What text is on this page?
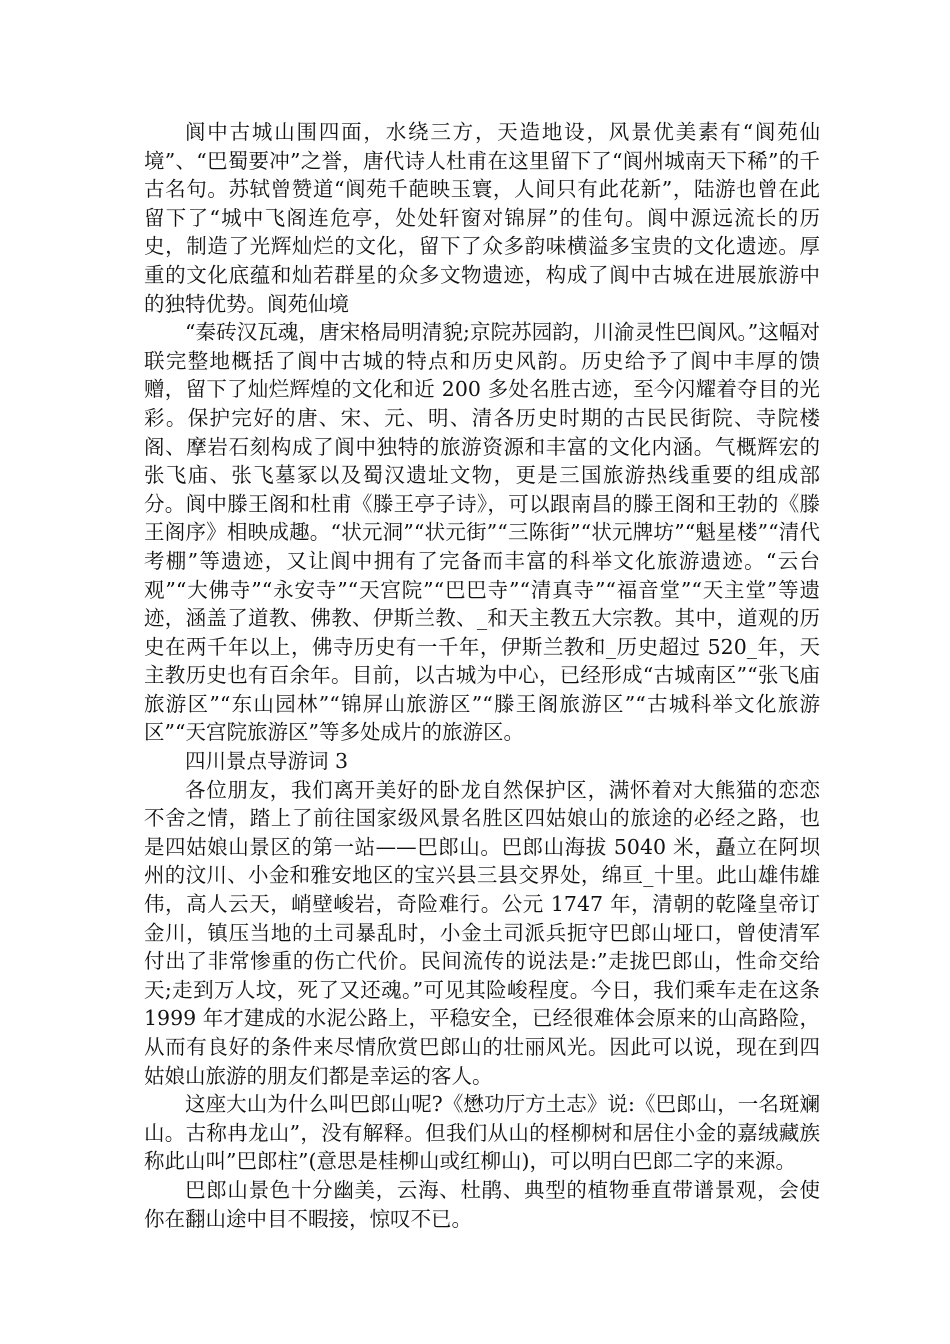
阆中古城山围四面，水绕三方，天造地设，风景优美素有“阆苑仙境”、“巴蜀要冲”之誉，唐代诗人杜甫在这里留下了“阆州城南天下稀”的千古名句。苏轼曾赞道“阆苑千葩映玉寰，人间只有此花新”，陆游也曾在此留下了“城中飞阁连危亭，处处轩窗对锦屏”的佳句。阆中源远流长的历史，制造了光辉灿烂的文化，留下了众多韵味横溢多宝贵的文化遗迹。厚重的文化底蕴和灿若群星的众多文物遗迹，构成了阆中古城在进展旅游中的独特优势。阆苑仙境

“秦砖汉瓦魂，唐宋格局明清貌;京院苏园韵，川渝灵性巴阆风。”这幅对联完整地概括了阆中古城的特点和历史风韵。历史给予了阆中丰厚的馈赠，留下了灿烂辉煌的文化和近 200 多处名胜古迹，至今闪耀着夺目的光彩。保护完好的唐、宋、元、明、清各历史时期的古民民街院、寺院楼阁、摩岩石刻构成了阆中独特的旅游资源和丰富的文化内涵。气概辉宏的张飞庙、张飞墓冢以及蜀汉遗址文物，更是三国旅游热线重要的组成部分。阆中滕王阁和杜甫《滕王亭子诗》，可以跟南昌的滕王阁和王勃的《滕王阁序》相映成趣。“状元洞”“状元街”“三陈街”“状元牌坊”“魁星楼”“清代考棚”等遗迹，又让阆中拥有了完备而丰富的科举文化旅游遗迹。“云台观”“大佛寺”“永安寺”“天宫院”“巴巴寺”“清真寺”“福音堂”“天主堂”等遗迹，涵盖了道教、佛教、伊斯兰教、_和天主教五大宗教。其中，道观的历史在两千年以上，佛寺历史有一千年，伊斯兰教和_历史超过 520_年，天主教历史也有百余年。目前，以古城为中心，已经形成“古城南区”“张飞庙旅游区”“东山园林”“锦屏山旅游区”“滕王阁旅游区”“古城科举文化旅游区”“天宫院旅游区”等多处成片的旅游区。

四川景点导游词 3

各位朋友，我们离开美好的卧龙自然保护区，满怀着对大熊猫的恋恋不舍之情，踏上了前往国家级风景名胜区四姑娘山的旅途的必经之路，也是四姑娘山景区的第一站——巴郎山。巴郎山海拔 5040 米，矗立在阿坝州的汶川、小金和雅安地区的宝兴县三县交界处，绵亘_十里。此山雄伟雄伟，高人云天，峭壁峻岩，奇险难行。公元 1747 年，清朝的乾隆皇帝订金川，镇压当地的土司暴乱时，小金土司派兵扼守巴郎山垭口，曾使清军付出了非常惨重的伤亡代价。民间流传的说法是:”走拢巴郎山，性命交给天;走到万人坟，死了又还魂。”可见其险峻程度。今日，我们乘车走在这条 1999 年才建成的水泥公路上，平稳安全，已经很难体会原来的山高路险，从而有良好的条件来尽情欣赏巴郎山的壮丽风光。因此可以说，现在到四姑娘山旅游的朋友们都是幸运的客人。

这座大山为什么叫巴郎山呢?《懋功厅方土志》说:《巴郎山，一名斑斓山。古称冉龙山”，没有解释。但我们从山的柽柳树和居住小金的嘉绒藏族称此山叫”巴郎柱”(意思是桂柳山或红柳山)，可以明白巴郎二字的来源。

巴郎山景色十分幽美，云海、杜鹃、典型的植物垂直带谱景观，会使你在翻山途中目不暇接，惊叹不已。
